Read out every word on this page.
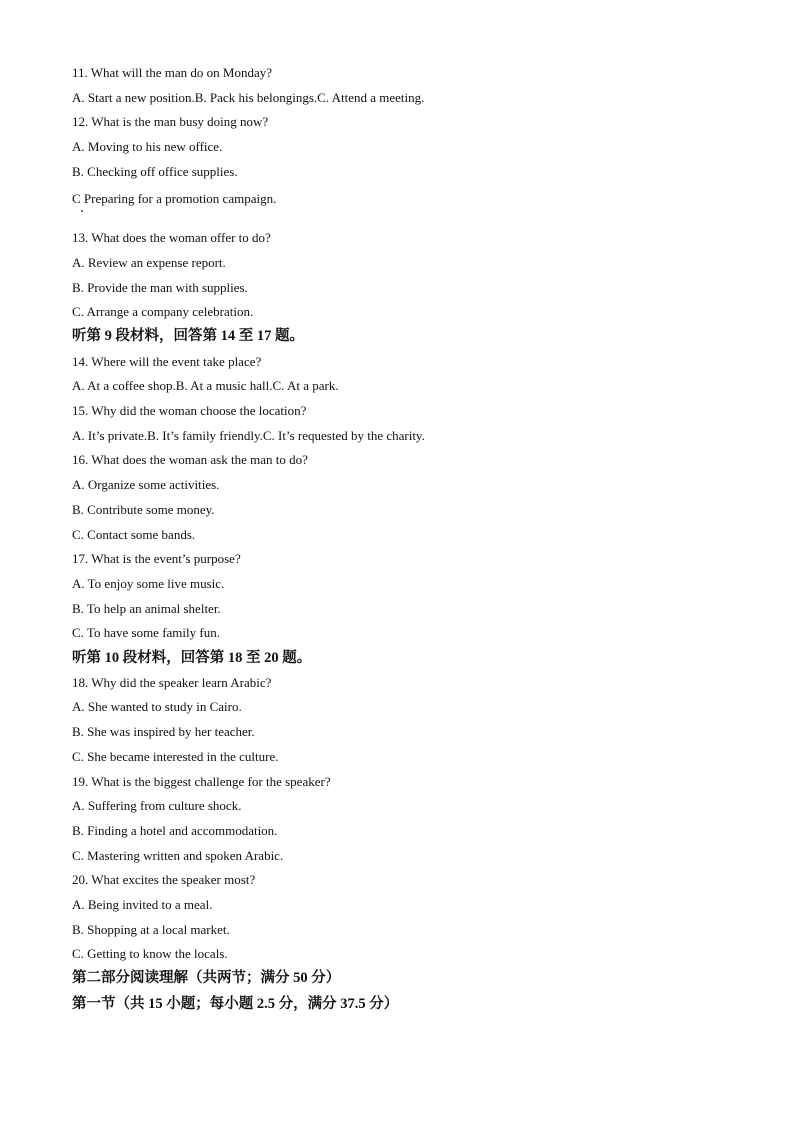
11. What will the man do on Monday?
A. Start a new position.B. Pack his belongings.C. Attend a meeting.
12. What is the man busy doing now?
A. Moving to his new office.
B. Checking off office supplies.
C Preparing for a promotion campaign.
13. What does the woman offer to do?
A. Review an expense report.
B. Provide the man with supplies.
C. Arrange a company celebration.
听第 9 段材料，回答第 14 至 17 题。
14. Where will the event take place?
A. At a coffee shop.B. At a music hall.C. At a park.
15. Why did the woman choose the location?
A. It’s private.B. It’s family friendly.C. It’s requested by the charity.
16. What does the woman ask the man to do?
A. Organize some activities.
B. Contribute some money.
C. Contact some bands.
17. What is the event’s purpose?
A. To enjoy some live music.
B. To help an animal shelter.
C. To have some family fun.
听第 10 段材料，回答第 18 至 20 题。
18. Why did the speaker learn Arabic?
A. She wanted to study in Cairo.
B. She was inspired by her teacher.
C. She became interested in the culture.
19. What is the biggest challenge for the speaker?
A. Suffering from culture shock.
B. Finding a hotel and accommodation.
C. Mastering written and spoken Arabic.
20. What excites the speaker most?
A. Being invited to a meal.
B. Shopping at a local market.
C. Getting to know the locals.
第二部分阅读理解（共两节；满分 50 分）
第一节（共 15 小题；每小题 2.5 分，满分 37.5 分）
